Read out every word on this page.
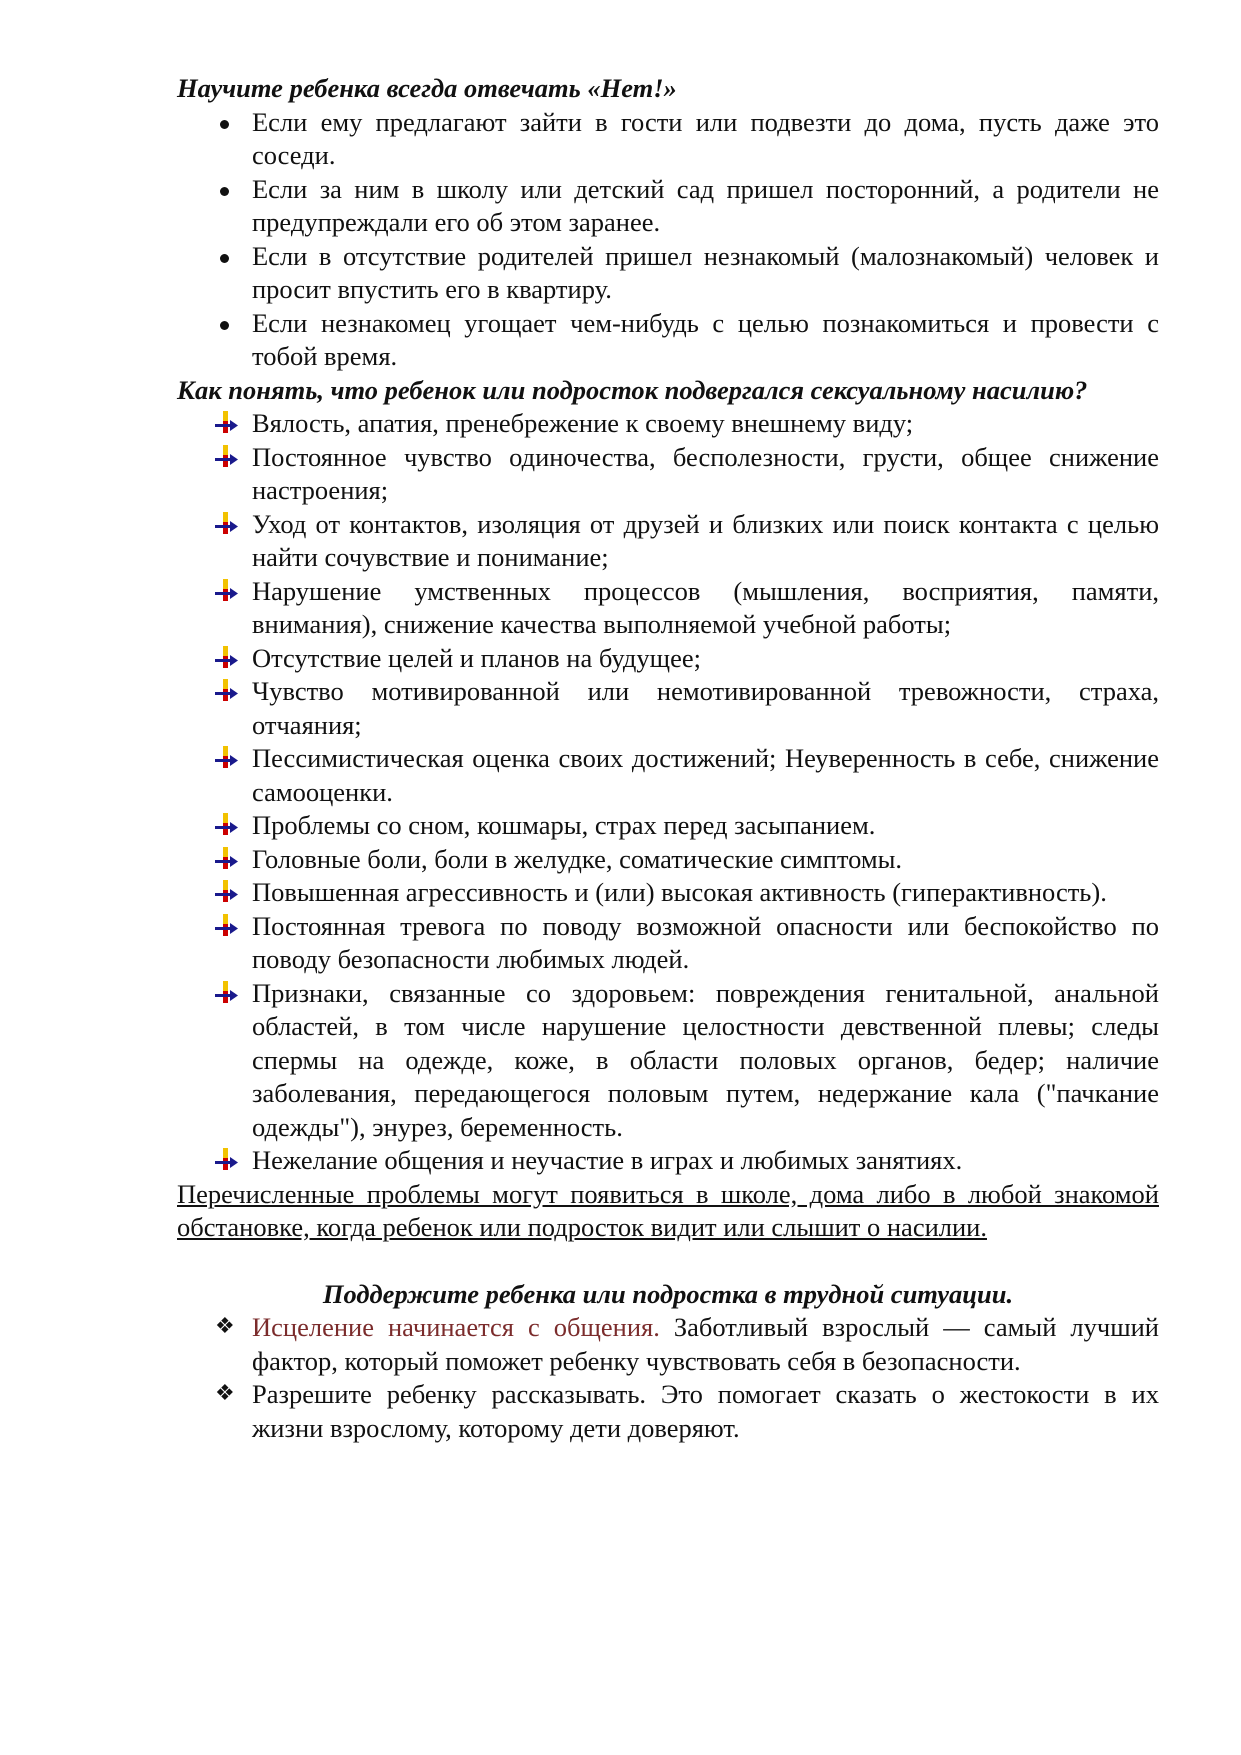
Научите ребенка всегда отвечать «Нет!»
Если ему предлагают зайти в гости или подвезти до дома, пусть даже это соседи.
Если за ним в школу или детский сад пришел посторонний, а родители не предупреждали его об этом заранее.
Если в отсутствие родителей пришел незнакомый (малознакомый) человек и просит впустить его в квартиру.
Если незнакомец угощает чем-нибудь с целью познакомиться и провести с тобой время.
Как понять, что ребенок или подросток подвергался сексуальному насилию?
Вялость, апатия, пренебрежение к своему внешнему виду;
Постоянное чувство одиночества, бесполезности, грусти, общее снижение настроения;
Уход от контактов, изоляция от друзей и близких или поиск контакта с целью найти сочувствие и понимание;
Нарушение умственных процессов (мышления, восприятия, памяти, внимания), снижение качества выполняемой учебной работы;
Отсутствие целей и планов на будущее;
Чувство мотивированной или немотивированной тревожности, страха, отчаяния;
Пессимистическая оценка своих достижений; Неуверенность в себе, снижение самооценки.
Проблемы со сном, кошмары, страх перед засыпанием.
Головные боли, боли в желудке, соматические симптомы.
Повышенная агрессивность и (или) высокая активность (гиперактивность).
Постоянная тревога по поводу возможной опасности или беспокойство по поводу безопасности любимых людей.
Признаки, связанные со здоровьем: повреждения генитальной, анальной областей, в том числе нарушение целостности девственной плевы; следы спермы на одежде, коже, в области половых органов, бедер; наличие заболевания, передающегося половым путем, недержание кала ("пачкание одежды"), энурез, беременность.
Нежелание общения и неучастие в играх и любимых занятиях.
Перечисленные проблемы могут появиться в школе, дома либо в любой знакомой обстановке, когда ребенок или подросток видит или слышит о насилии.
Поддержите ребенка или подростка в трудной ситуации.
❖ Исцеление начинается с общения. Заботливый взрослый — самый лучший фактор, который поможет ребенку чувствовать себя в безопасности.
❖ Разрешите ребенку рассказывать. Это помогает сказать о жестокости в их жизни взрослому, которому дети доверяют.
